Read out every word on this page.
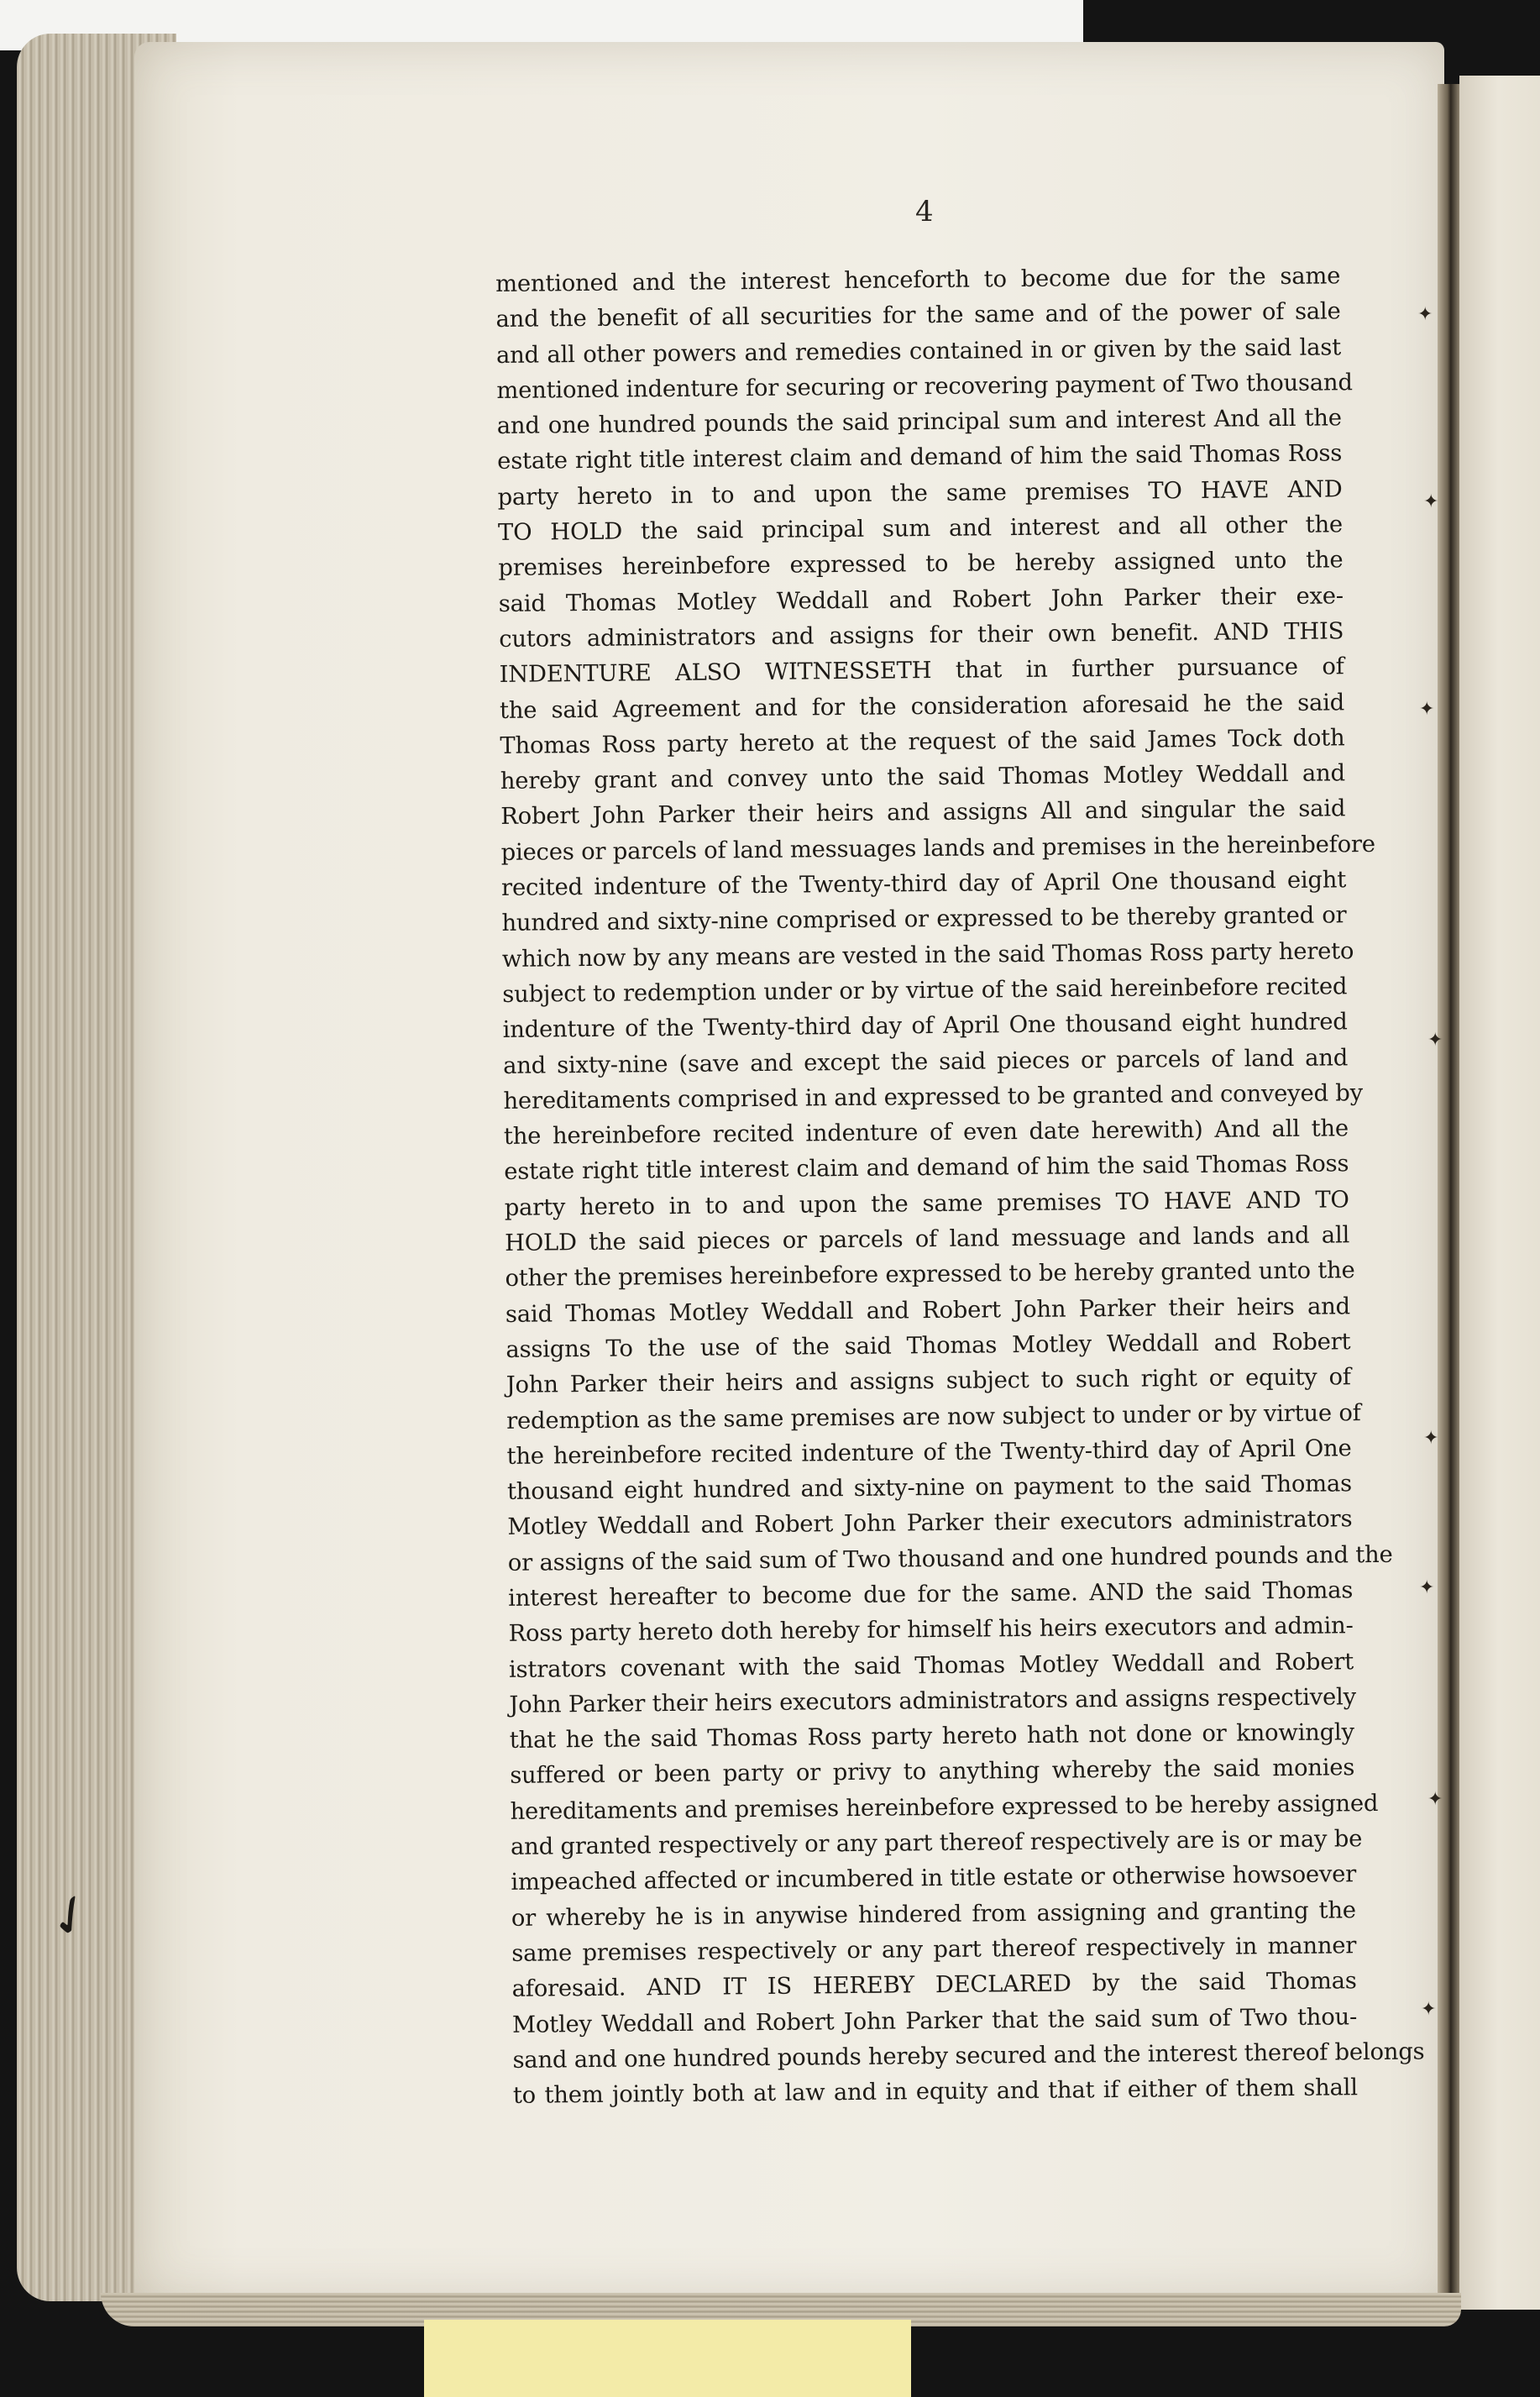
4

mentioned and the interest henceforth to become due for the same
and the benefit of all securities for the same and of the power of sale
and all other powers and remedies contained in or given by the said last
mentioned indenture for securing or recovering payment of Two thousand
and one hundred pounds the said principal sum and interest And all the
estate right title interest claim and demand of him the said Thomas Ross
party hereto in to and upon the same premises TO HAVE AND
TO HOLD the said principal sum and interest and all other the
premises hereinbefore expressed to be hereby assigned unto the
said Thomas Motley Weddall and Robert John Parker their exe-
cutors administrators and assigns for their own benefit. AND THIS
INDENTURE ALSO WITNESSETH that in further pursuance of
the said Agreement and for the consideration aforesaid he the said
Thomas Ross party hereto at the request of the said James Tock doth
hereby grant and convey unto the said Thomas Motley Weddall and
Robert John Parker their heirs and assigns All and singular the said
pieces or parcels of land messuages lands and premises in the hereinbefore
recited indenture of the Twenty-third day of April One thousand eight
hundred and sixty-nine comprised or expressed to be thereby granted or
which now by any means are vested in the said Thomas Ross party hereto
subject to redemption under or by virtue of the said hereinbefore recited
indenture of the Twenty-third day of April One thousand eight hundred
and sixty-nine (save and except the said pieces or parcels of land and
hereditaments comprised in and expressed to be granted and conveyed by
the hereinbefore recited indenture of even date herewith) And all the
estate right title interest claim and demand of him the said Thomas Ross
party hereto in to and upon the same premises TO HAVE AND TO
HOLD the said pieces or parcels of land messuage and lands and all
other the premises hereinbefore expressed to be hereby granted unto the
said Thomas Motley Weddall and Robert John Parker their heirs and
assigns To the use of the said Thomas Motley Weddall and Robert
John Parker their heirs and assigns subject to such right or equity of
redemption as the same premises are now subject to under or by virtue of
the hereinbefore recited indenture of the Twenty-third day of April One
thousand eight hundred and sixty-nine on payment to the said Thomas
Motley Weddall and Robert John Parker their executors administrators
or assigns of the said sum of Two thousand and one hundred pounds and the
interest hereafter to become due for the same. AND the said Thomas
Ross party hereto doth hereby for himself his heirs executors and admin-
istrators covenant with the said Thomas Motley Weddall and Robert
John Parker their heirs executors administrators and assigns respectively
that he the said Thomas Ross party hereto hath not done or knowingly
suffered or been party or privy to anything whereby the said monies
hereditaments and premises hereinbefore expressed to be hereby assigned
and granted respectively or any part thereof respectively are is or may be
impeached affected or incumbered in title estate or otherwise howsoever
or whereby he is in anywise hindered from assigning and granting the
same premises respectively or any part thereof respectively in manner
aforesaid. AND IT IS HEREBY DECLARED by the said Thomas
Motley Weddall and Robert John Parker that the said sum of Two thou-
sand and one hundred pounds hereby secured and the interest thereof belongs
to them jointly both at law and in equity and that if either of them shall
✦
✦
✦
✦
✦
✦
✦
✦
✓
